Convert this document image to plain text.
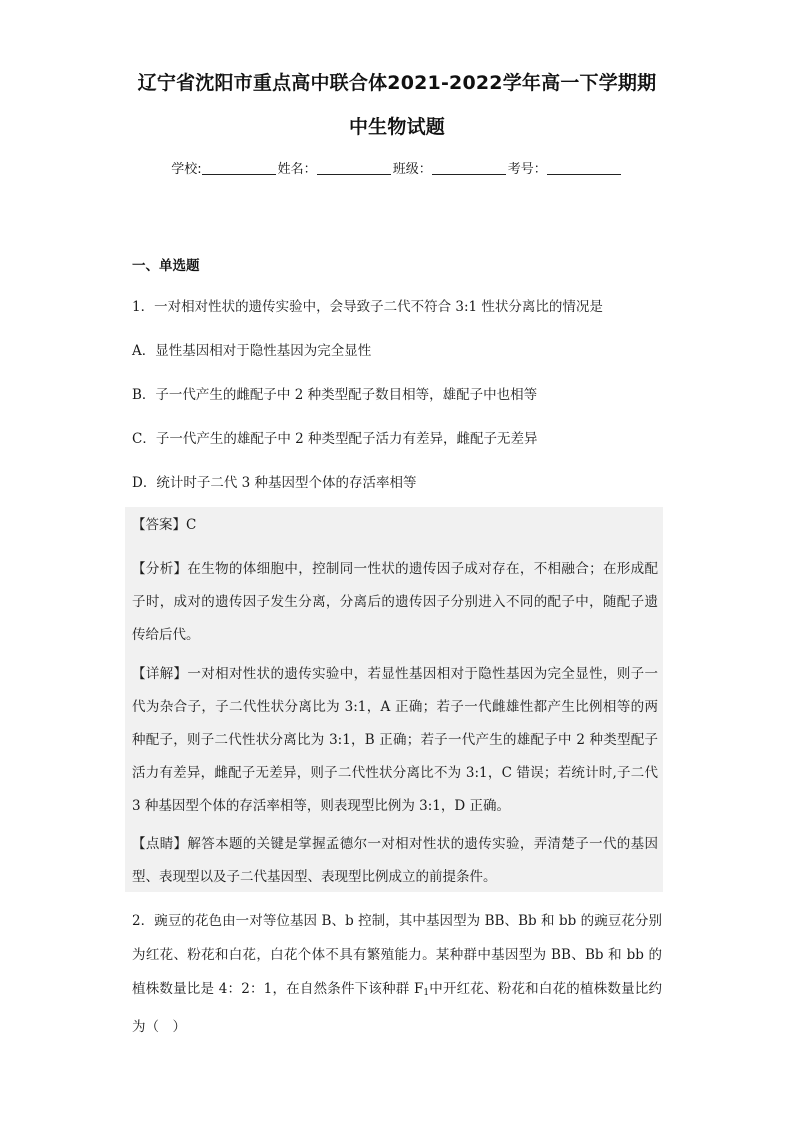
辽宁省沈阳市重点高中联合体2021-2022学年高一下学期期
中生物试题
学校:	姓名：	班级：	考号：
一、单选题
1．一对相对性状的遗传实验中，会导致子二代不符合 3:1 性状分离比的情况是
A．显性基因相对于隐性基因为完全显性
B．子一代产生的雌配子中 2 种类型配子数目相等，雄配子中也相等
C．子一代产生的雄配子中 2 种类型配子活力有差异，雌配子无差异
D．统计时子二代 3 种基因型个体的存活率相等
【答案】C
【分析】在生物的体细胞中，控制同一性状的遗传因子成对存在，不相融合；在形成配子时，成对的遗传因子发生分离，分离后的遗传因子分别进入不同的配子中，随配子遗传给后代。
【详解】一对相对性状的遗传实验中，若显性基因相对于隐性基因为完全显性，则子一代为杂合子，子二代性状分离比为 3:1，A 正确；若子一代雌雄性都产生比例相等的两种配子，则子二代性状分离比为 3:1，B 正确；若子一代产生的雄配子中 2 种类型配子活力有差异，雌配子无差异，则子二代性状分离比不为 3:1，C 错误；若统计时,子二代 3 种基因型个体的存活率相等，则表现型比例为 3:1，D 正确。
【点睛】解答本题的关键是掌握孟德尔一对相对性状的遗传实验，弄清楚子一代的基因型、表现型以及子二代基因型、表现型比例成立的前提条件。
2．豌豆的花色由一对等位基因 B、b 控制，其中基因型为 BB、Bb 和 bb 的豌豆花分别为红花、粉花和白花，白花个体不具有繁殖能力。某种群中基因型为 BB、Bb 和 bb 的植株数量比是 4：2：1，在自然条件下该种群 $F_1$中开红花、粉花和白花的植株数量比约为（　）
